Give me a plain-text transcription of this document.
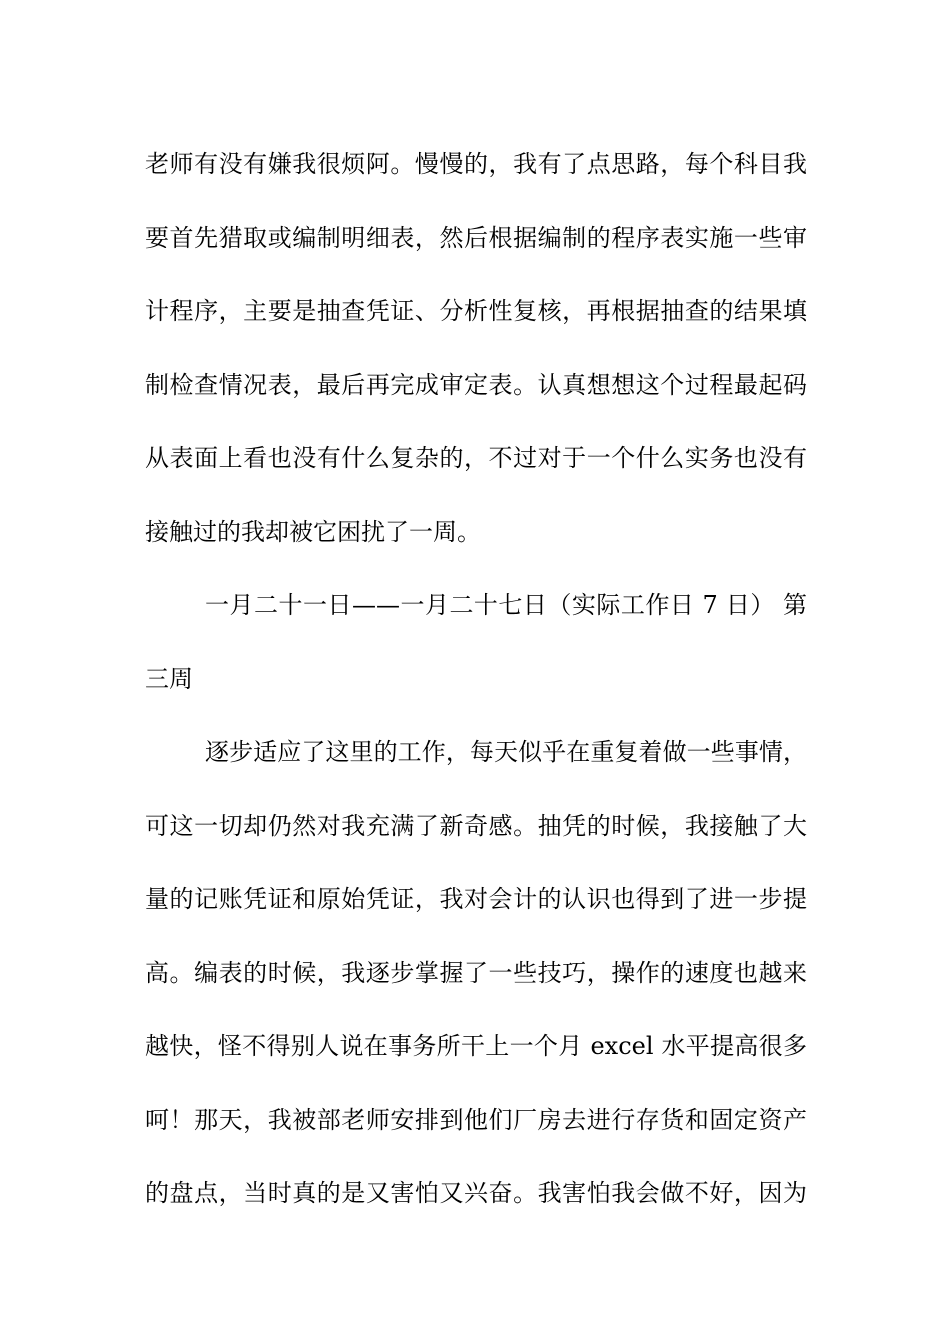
老师有没有嫌我很烦阿。慢慢的，我有了点思路，每个科目我
要首先猎取或编制明细表，然后根据编制的程序表实施一些审
计程序，主要是抽查凭证、分析性复核，再根据抽查的结果填
制检查情况表，最后再完成审定表。认真想想这个过程最起码
从表面上看也没有什么复杂的，不过对于一个什么实务也没有
接触过的我却被它困扰了一周。
一月二十一日——一月二十七日（实际工作日 7 日） 第
三周
逐步适应了这里的工作，每天似乎在重复着做一些事情，
可这一切却仍然对我充满了新奇感。抽凭的时候，我接触了大
量的记账凭证和原始凭证，我对会计的认识也得到了进一步提
高。编表的时候，我逐步掌握了一些技巧，操作的速度也越来
越快，怪不得别人说在事务所干上一个月 excel 水平提高很多
呵！那天，我被部老师安排到他们厂房去进行存货和固定资产
的盘点，当时真的是又害怕又兴奋。我害怕我会做不好，因为
